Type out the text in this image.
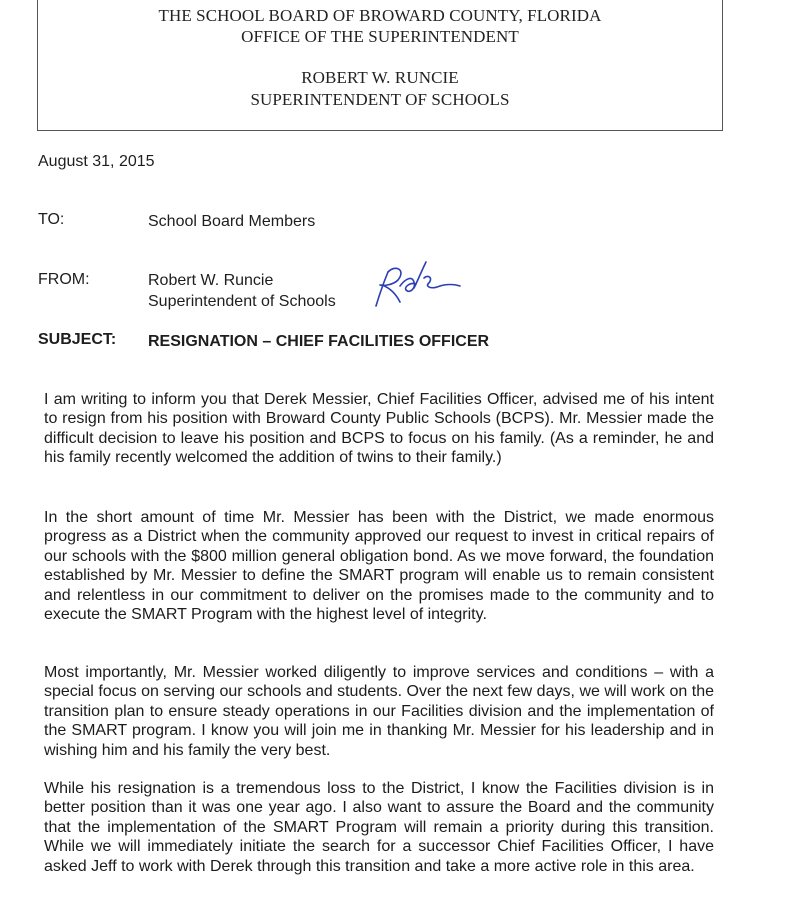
THE SCHOOL BOARD OF BROWARD COUNTY, FLORIDA
OFFICE OF THE SUPERINTENDENT
ROBERT W. RUNCIE
SUPERINTENDENT OF SCHOOLS
August 31, 2015
TO:	School Board Members
FROM:	Robert W. Runcie
Superintendent of Schools
SUBJECT: RESIGNATION – CHIEF FACILITIES OFFICER

I am writing to inform you that Derek Messier, Chief Facilities Officer, advised me of his intent to resign from his position with Broward County Public Schools (BCPS). Mr. Messier made the difficult decision to leave his position and BCPS to focus on his family. (As a reminder, he and his family recently welcomed the addition of twins to their family.)

In the short amount of time Mr. Messier has been with the District, we made enormous progress as a District when the community approved our request to invest in critical repairs of our schools with the $800 million general obligation bond. As we move forward, the foundation established by Mr. Messier to define the SMART program will enable us to remain consistent and relentless in our commitment to deliver on the promises made to the community and to execute the SMART Program with the highest level of integrity.

Most importantly, Mr. Messier worked diligently to improve services and conditions – with a special focus on serving our schools and students. Over the next few days, we will work on the transition plan to ensure steady operations in our Facilities division and the implementation of the SMART program. I know you will join me in thanking Mr. Messier for his leadership and in wishing him and his family the very best.

While his resignation is a tremendous loss to the District, I know the Facilities division is in better position than it was one year ago. I also want to assure the Board and the community that the implementation of the SMART Program will remain a priority during this transition. While we will immediately initiate the search for a successor Chief Facilities Officer, I have asked Jeff to work with Derek through this transition and take a more active role in this area.
